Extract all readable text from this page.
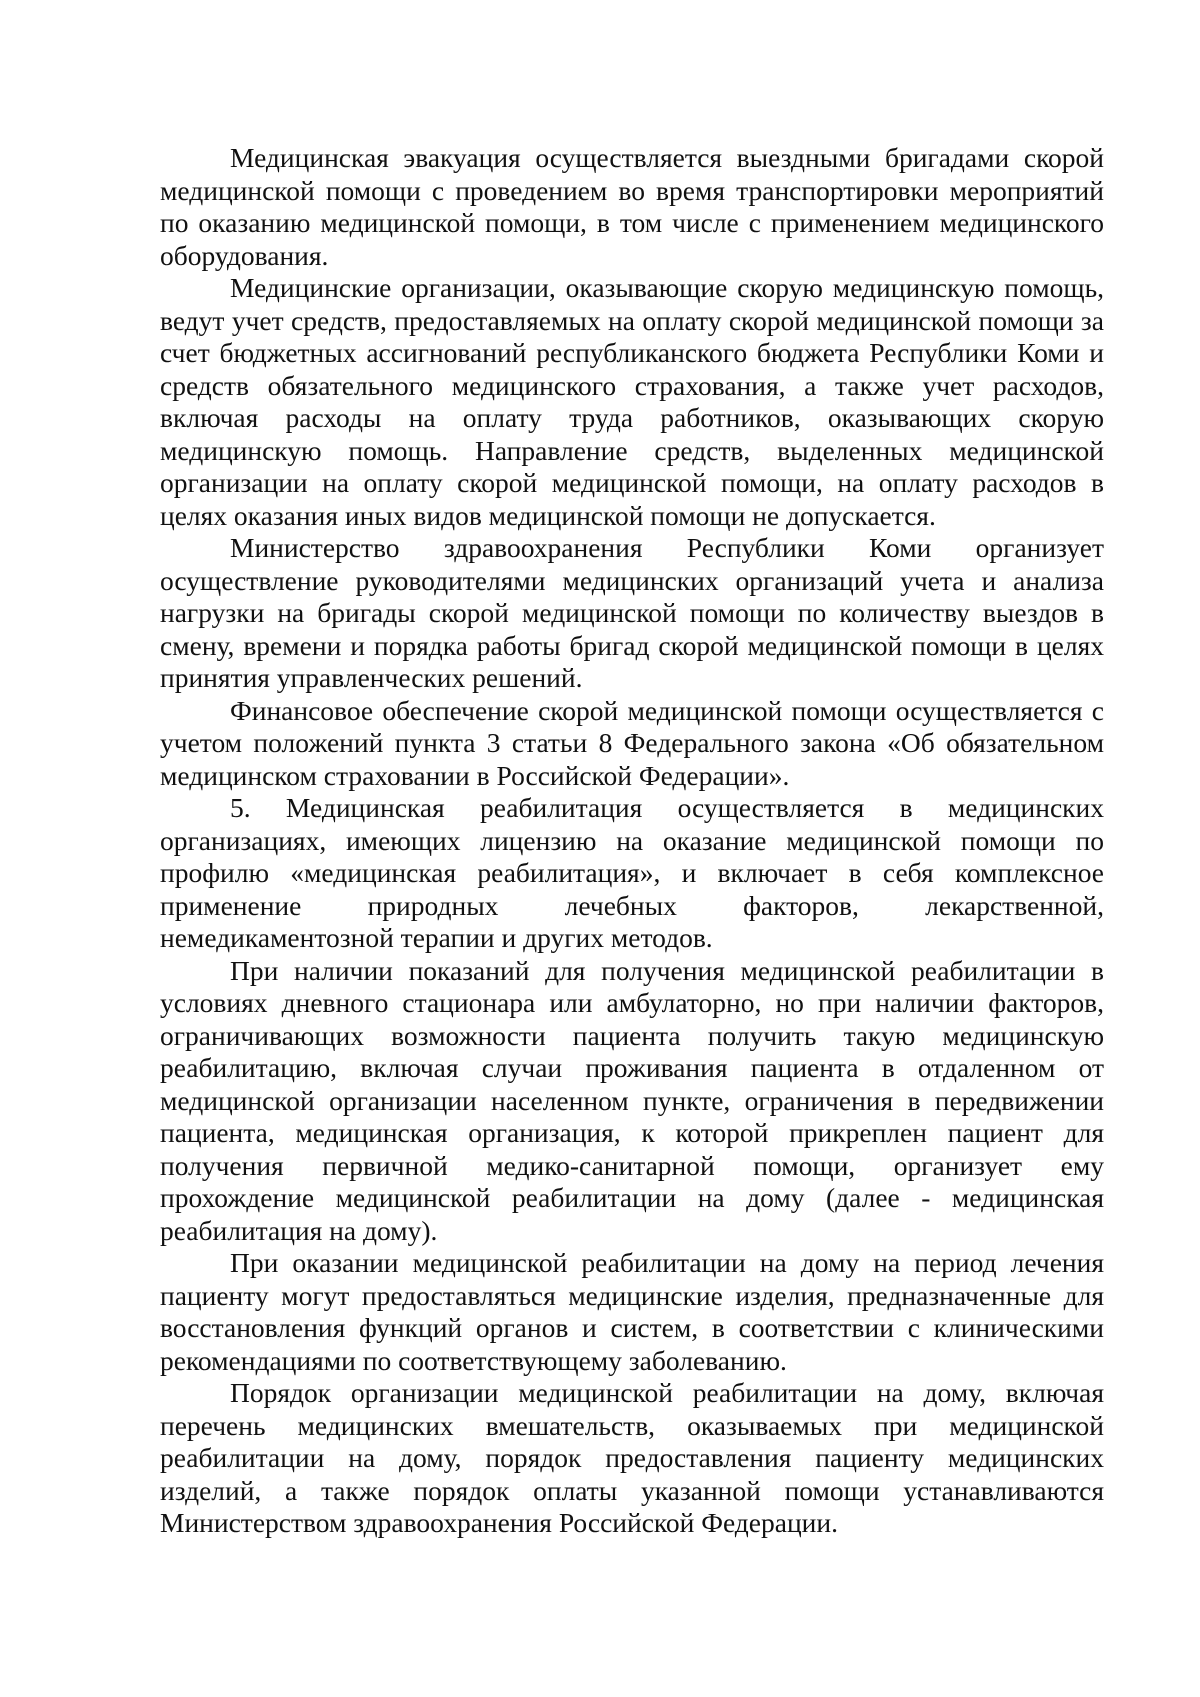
Медицинская эвакуация осуществляется выездными бригадами скорой медицинской помощи с проведением во время транспортировки мероприятий по оказанию медицинской помощи, в том числе с применением медицинского оборудования.

Медицинские организации, оказывающие скорую медицинскую помощь, ведут учет средств, предоставляемых на оплату скорой медицинской помощи за счет бюджетных ассигнований республиканского бюджета Республики Коми и средств обязательного медицинского страхования, а также учет расходов, включая расходы на оплату труда работников, оказывающих скорую медицинскую помощь. Направление средств, выделенных медицинской организации на оплату скорой медицинской помощи, на оплату расходов в целях оказания иных видов медицинской помощи не допускается.

Министерство здравоохранения Республики Коми организует осуществление руководителями медицинских организаций учета и анализа нагрузки на бригады скорой медицинской помощи по количеству выездов в смену, времени и порядка работы бригад скорой медицинской помощи в целях принятия управленческих решений.

Финансовое обеспечение скорой медицинской помощи осуществляется с учетом положений пункта 3 статьи 8 Федерального закона «Об обязательном медицинском страховании в Российской Федерации».

5. Медицинская реабилитация осуществляется в медицинских организациях, имеющих лицензию на оказание медицинской помощи по профилю «медицинская реабилитация», и включает в себя комплексное применение природных лечебных факторов, лекарственной, немедикаментозной терапии и других методов.

При наличии показаний для получения медицинской реабилитации в условиях дневного стационара или амбулаторно, но при наличии факторов, ограничивающих возможности пациента получить такую медицинскую реабилитацию, включая случаи проживания пациента в отдаленном от медицинской организации населенном пункте, ограничения в передвижении пациента, медицинская организация, к которой прикреплен пациент для получения первичной медико-санитарной помощи, организует ему прохождение медицинской реабилитации на дому (далее - медицинская реабилитация на дому).

При оказании медицинской реабилитации на дому на период лечения пациенту могут предоставляться медицинские изделия, предназначенные для восстановления функций органов и систем, в соответствии с клиническими рекомендациями по соответствующему заболеванию.

Порядок организации медицинской реабилитации на дому, включая перечень медицинских вмешательств, оказываемых при медицинской реабилитации на дому, порядок предоставления пациенту медицинских изделий, а также порядок оплаты указанной помощи устанавливаются Министерством здравоохранения Российской Федерации.
